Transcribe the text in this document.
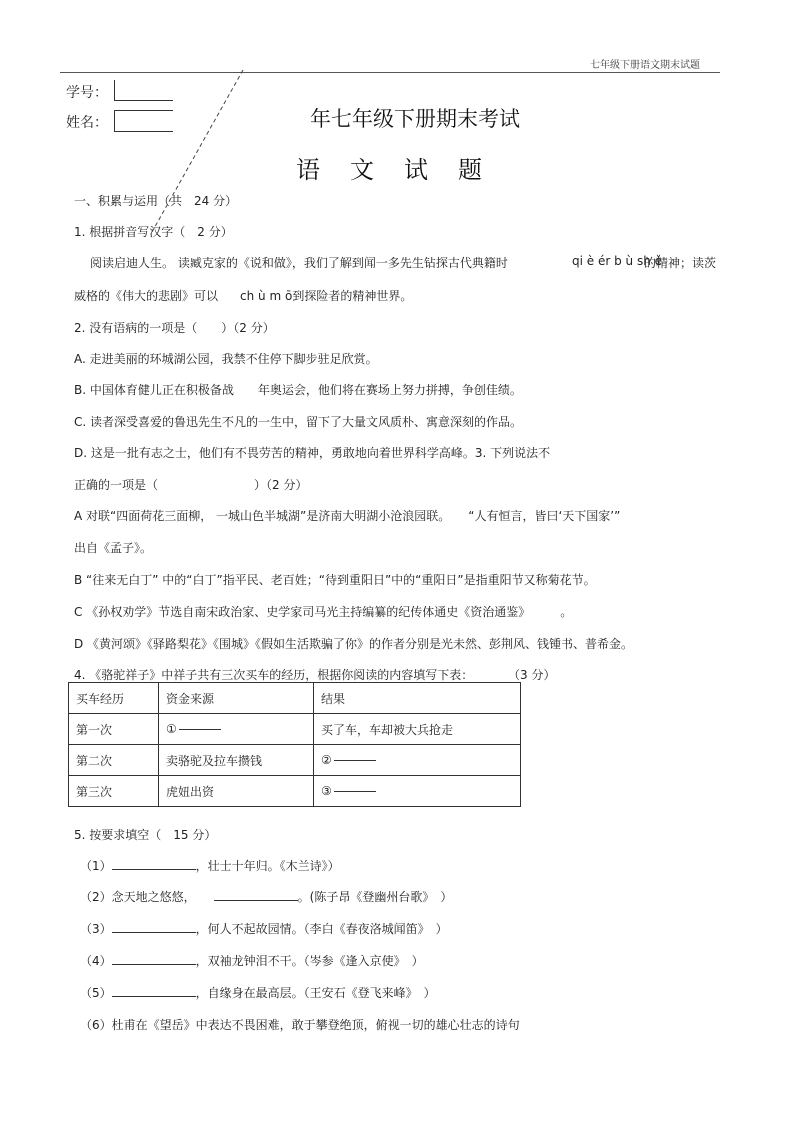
七年级下册语文期末试题
学号：
姓名：	年七年级下册期末考试
语 文 试 题
一、积累与运用（共　24 分）
1. 根据拼音写汉字（　2 分）
阅读启迪人生。 读臧克家的《说和做》，我们了解到闻一多先生钻探古代典籍时	qi è ér b ù sh ě
的精神；读茨
威格的《伟大的悲剧》可以 ch ù m ō到探险者的精神世界。
2. 没有语病的一项是（　　）（2 分）
A. 走进美丽的环城湖公园，我禁不住停下脚步驻足欣赏。
B. 中国体育健儿正在积极备战　　年奥运会，他们将在赛场上努力拼搏，争创佳绩。
C. 读者深受喜爱的鲁迅先生不凡的一生中，留下了大量文风质朴、寓意深刻的作品。
D. 这是一批有志之士，他们有不畏劳苦的精神，勇敢地向着世界科学高峰。3. 下列说法不
正确的一项是（　　　　　　　　）（2 分）
A 对联“四面荷花三面柳， 一城山色半城湖”是济南大明湖小沧浪园联。　　“人有恒言，皆曰‘天下国家’”
出自《孟子》。
B “往来无白丁” 中的“白丁”指平民、老百姓；“待到重阳日”中的“重阳日”是指重阳节又称菊花节。
C 《孙权劝学》节选自南宋政治家、史学家司马光主持编纂的纪传体通史《资治通鉴》　　　。
D 《黄河颂》《驿路梨花》《围城》《假如生活欺骗了你》的作者分别是光未然、彭荆风、钱锺书、普希金。
4. 《骆驼祥子》中祥子共有三次买车的经历，根据你阅读的内容填写下表：	（3 分）
买车经历	资金来源	结果
第一次	①	买了车，车却被大兵抢走
第二次	卖骆驼及拉车攒钱	②
第三次	虎妞出资	③
5. 按要求填空（　15 分）
（1）	，壮士十年归。《木兰诗》）
（2）念天地之悠悠，	。(陈子昂《登幽州台歌》　）
（3）	，何人不起故园情。（李白《春夜洛城闻笛》　）
（4）	，双袖龙钟泪不干。（岑参《逢入京使》　）
（5）	，自缘身在最高层。（王安石《登飞来峰》　）
（6）杜甫在《望岳》中表达不畏困难，敢于攀登绝顶，俯视一切的雄心壮志的诗句
